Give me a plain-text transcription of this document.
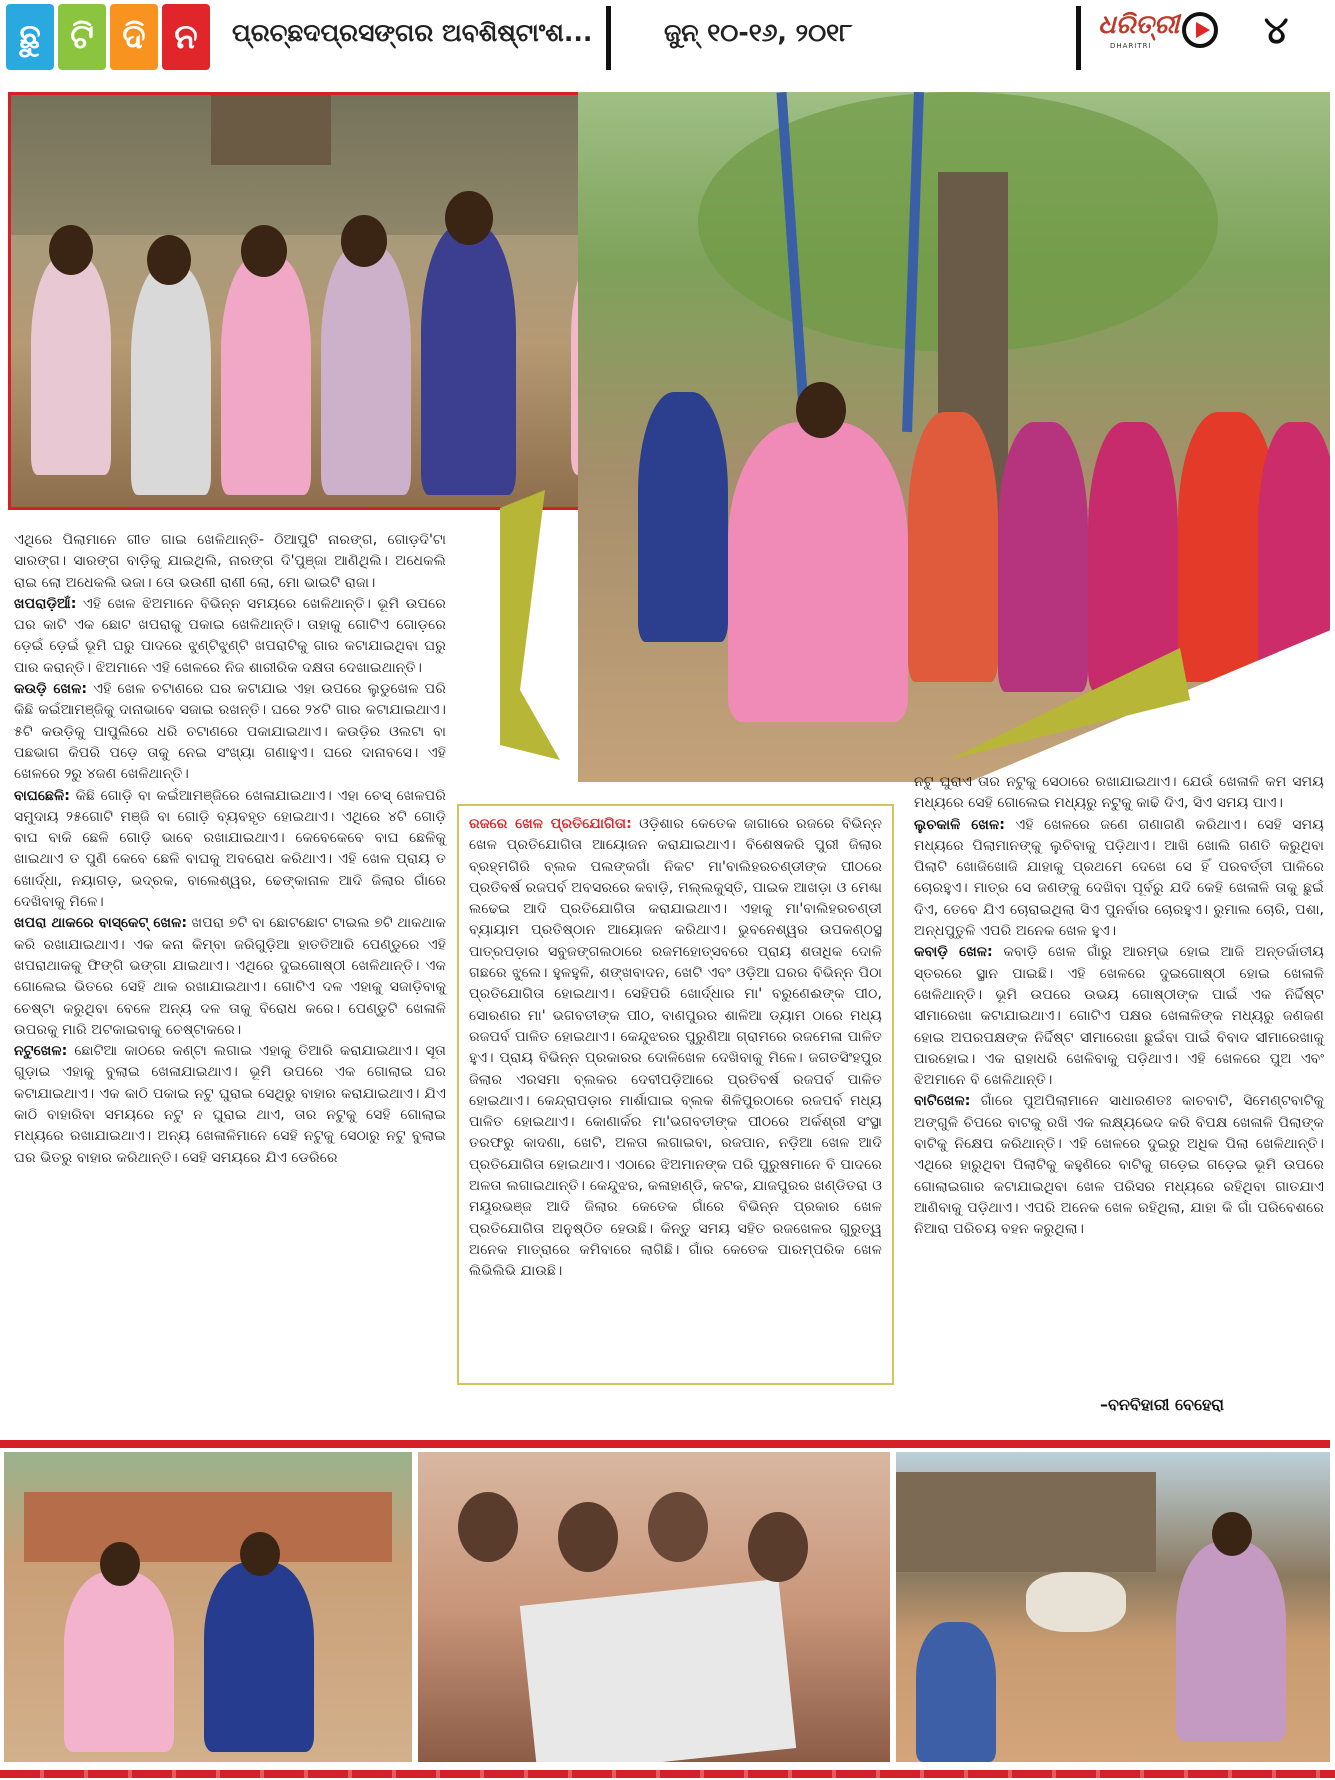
ଛୁ ଟି ଦି ନ	ପ୍ରଚ୍ଛଦପ୍ରସଙ୍ଗର ଅବଶିଷ୍ଟାଂଶ...	ଜୁନ୍ ୧୦-୧୬, ୨୦୧୮	ଧରିତ୍ରୀ
DHARITRI	୪

ଏଥିରେ ପିଲାମାନେ ଗୀତ ଗାଇ ଖେଳିଥାନ୍ତି- ଠିଆପୁଟି ନାରଙ୍ଗ, ଗୋଡ଼ଦି'ଟା ସାରଙ୍ଗ। ସାରଙ୍ଗ ବାଡ଼ିକୁ ଯାଇଥିଲି, ନାରଙ୍ଗ ଦି'ପୁଞ୍ଜା ଆଣିଥିଲି। ଅଧେକଲି ରାଇ ଲୋ ଅଧେକଲି ଭଜା। ତୋ ଭଉଣୀ ରାଣୀ ଲୋ, ମୋ ଭାଇଟି ରାଜା।

ଖପରାଡ଼ିଆଁ: ଏହି ଖେଳ ଝିଅମାନେ ବିଭିନ୍ନ ସମୟରେ ଖେଳିଥାନ୍ତି। ଭୂମି ଉପରେ ଘର କାଟି ଏକ ଛୋଟ ଖପରାକୁ ପକାଇ ଖେଳିଥାନ୍ତି। ତାହାକୁ ଗୋଟିଏ ଗୋଡ଼ରେ ଡ଼େଇଁ ଡ଼େଇଁ ଭୂମି ଘରୁ ପାଦରେ ଝୁଣ୍ଟିଝୁଣ୍ଟି ଖପରାଟିକୁ ଗାର କଟାଯାଇଥିବା ଘରୁ ପାର କରାନ୍ତି। ଝିଅମାନେ ଏହି ଖେଳରେ ନିଜ ଶାରୀରିକ ଦକ୍ଷତା ଦେଖାଇଥାନ୍ତି।

କଉଡ଼ି ଖେଳ: ଏହି ଖେଳ ଚଟାଣରେ ଘର କଟାଯାଇ ଏହା ଉପରେ ଲୁଡୁଖେଳ ପରି କିଛି କଇଁଆମଞ୍ଜିକୁ ଦାନାଭାବେ ସଜାଇ ରଖନ୍ତି। ଘରେ ୨୪ଟି ଗାର କଟାଯାଇଥାଏ। ୫ଟି କଉଡ଼ିକୁ ପାପୁଲିରେ ଧରି ଚଟାଣରେ ପକାଯାଇଥାଏ। କଉଡ଼ିର ଓଲଟା ବା ପଛଭାଗ କିପରି ପଡ଼େ ତାକୁ ନେଇ ସଂଖ୍ୟା ଗଣାହୁଏ। ଘରେ ଦାନାବସେ। ଏହି ଖେଳରେ ୨ରୁ ୪ଜଣ ଖେଳିଥାନ୍ତି।

ବାଘଛେଳି: କିଛି ଗୋଡ଼ି ବା କଇଁଆମଞ୍ଜିରେ ଖେଳାଯାଇଥାଏ। ଏହା ଚେସ୍ ଖେଳପରି ସମୁଦାୟ ୨୫ଗୋଟି ମଞ୍ଜି ବା ଗୋଡ଼ି ବ୍ୟବହୃତ ହୋଇଥାଏ। ଏଥିରେ ୪ଟି ଗୋଡ଼ି ବାଘ ବାକି ଛେଳି ଗୋଡ଼ି ଭାବେ ରଖାଯାଇଥାଏ। କେବେକେବେ ବାଘ ଛେଳିକୁ ଖାଇଥାଏ ତ ପୁଣି କେବେ ଛେଳି ବାଘକୁ ଅବରୋଧ କରିଥାଏ। ଏହି ଖେଳ ପ୍ରାୟ ତ ଖୋର୍ଦ୍ଧା, ନୟାଗଡ଼, ଭଦ୍ରକ, ବାଲେଶ୍ୱର, ଢେଙ୍କାନାଳ ଆଦି ଜିଲାର ଗାଁରେ ଦେଖିବାକୁ ମିଳେ।

ଖପରା ଥାକରେ ବାସ୍କେଟ୍ ଖେଳ: ଖପରା ୭ଟି ବା ଛୋଟଛୋଟ ଟାଇଲ ୭ଟି ଥାକଥାକ କରି ରଖାଯାଇଥାଏ। ଏକ କନା କିମ୍ବା ଜରିଗୁଡ଼ିଆ ହାତତିଆରି ପେଣ୍ଡୁରେ ଏହି ଖପରାଥାକକୁ ଫିଙ୍ଗି ଭଙ୍ଗା ଯାଇଥାଏ। ଏଥିରେ ଦୁଇଗୋଷ୍ଠୀ ଖେଳିଥାନ୍ତି। ଏକ ଗୋଲେଇ ଭିତରେ ସେହି ଥାକ ରଖାଯାଇଥାଏ। ଗୋଟିଏ ଦଳ ଏହାକୁ ସଜାଡ଼ିବାକୁ ଚେଷ୍ଟା କରୁଥିବା ବେଳେ ଅନ୍ୟ ଦଳ ତାକୁ ବିରୋଧ କରେ। ପେଣ୍ଡୁଟି ଖେଳାଳି ଉପରକୁ ମାରି ଅଟକାଇବାକୁ ଚେଷ୍ଟାକରେ।

ନଟୁଖେଳ: ଛୋଟିଆ କାଠରେ କଣ୍ଟା ଲଗାଇ ଏହାକୁ ତିଆରି କରାଯାଇଥାଏ। ସୂତା ଗୁଡ଼ାଇ ଏହାକୁ ବୁଲାଇ ଖେଳାଯାଇଥାଏ। ଭୂମି ଉପରେ ଏକ ଗୋଲାଇ ଘର କଟାଯାଇଥାଏ। ଏକ କାଠି ପକାଇ ନଟୁ ଘୁରାଇ ସେଥିରୁ ବାହାର କରାଯାଇଥାଏ। ଯିଏ କାଠି ବାହାରିବା ସମୟରେ ନଟୁ ନ ଘୁରାଇ ଥାଏ, ତାର ନଟୁକୁ ସେହି ଗୋଲାଇ ମଧ୍ୟରେ ରଖାଯାଇଥାଏ। ଅନ୍ୟ ଖେଳାଳିମାନେ ସେହି ନଟୁକୁ ସେଠାରୁ ନଟୁ ବୁଲାଇ ଘର ଭିତରୁ ବାହାର କରିଥାନ୍ତି। ସେହି ସମୟରେ ଯିଏ ଡେରିରେ

ରଜରେ ଖେଳ ପ୍ରତିଯୋଗିତା: ଓଡ଼ିଶାର କେତେକ ଜାଗାରେ ରଜରେ ବିଭିନ୍ନ ଖେଳ ପ୍ରତିଯୋଗିତା ଆୟୋଜନ କରାଯାଇଥାଏ। ବିଶେଷକରି ପୁରୀ ଜିଲାର ବ୍ରହ୍ମଗିରି ବ୍ଲକ ପଲଙ୍କଗାଁ ନିକଟ ମା'ବାଲିହରଚଣ୍ଡୀଙ୍କ ପୀଠରେ ପ୍ରତିବର୍ଷ ରଜପର୍ବ ଅବସରରେ କବାଡ଼ି, ମଲ୍ଲକୁସ୍ତି, ପାଇକ ଆଖଡ଼ା ଓ ମେଣ୍ଢା ଲଢେଇ ଆଦି ପ୍ରତିଯୋଗିତା କରାଯାଇଥାଏ। ଏହାକୁ ମା'ବାଲିହରଚଣ୍ଡୀ ବ୍ୟାୟାମ ପ୍ରତିଷ୍ଠାନ ଆୟୋଜନ କରିଥାଏ। ଭୁବନେଶ୍ୱର ଉପକଣ୍ଠସ୍ଥ ପାତ୍ରପଡ଼ାର ସବୁଜଙ୍ଗଲଠାରେ ରଜମହୋତ୍ସବରେ ପ୍ରାୟ ଶତାଧିକ ଦୋଳି ଗଛରେ ଝୁଲେ। ହୁଳହୁଳି, ଶଙ୍ଖବାଦନ, ଖେଟି ଏବଂ ଓଡ଼ିଆ ଘରର ବିଭିନ୍ନ ପିଠା ପ୍ରତିଯୋଗିତା ହୋଇଥାଏ। ସେହିପରି ଖୋର୍ଦ୍ଧାର ମା' ବରୁଣେଈଙ୍କ ପୀଠ, ସୋରଣର ମା' ଭଗବତୀଙ୍କ ପୀଠ, ବାଣପୁରର ଶାଳିଆ ଡ୍ୟାମ ଠାରେ ମଧ୍ୟ ରଜପର୍ବ ପାଳିତ ହୋଇଥାଏ। କେନ୍ଦୁଝରର ପୁରୁଣିଆ ଗ୍ରାମରେ ରଜମେଳା ପାଳିତ ହୁଏ। ପ୍ରାୟ ବିଭିନ୍ନ ପ୍ରକାରର ଦୋଳିଖେଳ ଦେଖିବାକୁ ମିଳେ। ଜଗତସିଂହପୁର ଜିଲାର ଏରସମା ବ୍ଲକର ଦେବୀପଡ଼ିଆରେ ପ୍ରତିବର୍ଷ ରଜପର୍ବ ପାଳିତ ହୋଇଥାଏ। କେନ୍ଦ୍ରାପଡ଼ାର ମାର୍ଶାଘାଇ ବ୍ଲକ ଶିଳିପୁରଠାରେ ରଜପର୍ବ ମଧ୍ୟ ପାଳିତ ହୋଇଥାଏ। କୋଣାର୍କର ମା'ଭଗବତୀଙ୍କ ପୀଠରେ ଅର୍କଶ୍ରୀ ସଂସ୍ଥା ତରଫରୁ କାଦଣା, ଖେଟି, ଅଳତା ଲଗାଇବା, ରଜପାନ, ନଡ଼ିଆ ଖେଳ ଆଦି ପ୍ରତିଯୋଗିତା ହୋଇଥାଏ। ଏଠାରେ ଝିଅମାନଙ୍କ ପରି ପୁରୁଷମାନେ ବି ପାଦରେ ଅଳତା ଲଗାଇଥାନ୍ତି। କେନ୍ଦୁଝର, କଳାହାଣ୍ଡି, କଟକ, ଯାଜପୁରର ଖଣ୍ଡିତରା ଓ ମୟୂରଭଞ୍ଜ ଆଦି ଜିଲାର କେତେକ ଗାଁରେ ବିଭିନ୍ନ ପ୍ରକାର ଖେଳ ପ୍ରତିଯୋଗିତା ଅନୁଷ୍ଠିତ ହେଉଛି। କିନ୍ତୁ ସମୟ ସହିତ ରଜଖେଳର ଗୁରୁତ୍ୱ ଅନେକ ମାତ୍ରାରେ କମିବାରେ ଲାଗିଛି। ଗାଁର କେତେକ ପାରମ୍ପରିକ ଖେଳ ଲିଭିଲିଭି ଯାଉଛି।

ନଟୁ ଘୁରାଏ ତାର ନଟୁକୁ ସେଠାରେ ରଖାଯାଇଥାଏ। ଯେଉଁ ଖେଳାଳି କମ ସମୟ ମଧ୍ୟରେ ସେହି ଗୋଲେଇ ମଧ୍ୟରୁ ନଟୁକୁ କାଢି ଦିଏ, ସିଏ ସମୟ ପାଏ।

ଲୁଚକାଳି ଖେଳ: ଏହି ଖେଳରେ ଜଣେ ଗଣାଗଣି କରିଥାଏ। ସେହି ସମୟ ମଧ୍ୟରେ ପିଲାମାନଙ୍କୁ ଲୁଚିବାକୁ ପଡ଼ିଥାଏ। ଆଖି ଖୋଲି ଗଣତି କରୁଥିବା ପିଲାଟି ଖୋଜିଖୋଜି ଯାହାକୁ ପ୍ରଥମେ ଦେଖେ ସେ ହିଁ ପରବର୍ତ୍ତୀ ପାଳିରେ ଚୋରହୁଏ। ମାତ୍ର ସେ ଜଣଙ୍କୁ ଦେଖିବା ପୂର୍ବରୁ ଯଦି କେହି ଖେଳାଳି ତାକୁ ଛୁଇଁ ଦିଏ, ତେବେ ଯିଏ ଚୋରାଇଥିଲା ସିଏ ପୁନର୍ବାର ଚୋରହୁଏ। ରୁମାଲ ଚୋରି, ପଶା, ଅନ୍ଧପୁତୁଳି ଏପରି ଅନେକ ଖେଳ ହୁଏ।

କବାଡ଼ି ଖେଳ: କବାଡ଼ି ଖେଳ ଗାଁରୁ ଆରମ୍ଭ ହୋଇ ଆଜି ଅନ୍ତର୍ଜାତୀୟ ସ୍ତରରେ ସ୍ଥାନ ପାଇଛି। ଏହି ଖେଳରେ ଦୁଇଗୋଷ୍ଠୀ ହୋଇ ଖେଳାଳି ଖେଳିଥାନ୍ତି। ଭୂମି ଉପରେ ଉଭୟ ଗୋଷ୍ଠୀଙ୍କ ପାଇଁ ଏକ ନିର୍ଦ୍ଦିଷ୍ଟ ସୀମାରେଖା କଟାଯାଇଥାଏ। ଗୋଟିଏ ପକ୍ଷର ଖେଳାଳିଙ୍କ ମଧ୍ୟରୁ ଜଣଜଣ ହୋଇ ଅପରପକ୍ଷଙ୍କ ନିର୍ଦ୍ଦିଷ୍ଟ ସୀମାରେଖା ଛୁଇଁବା ପାଇଁ ବିବାଦ ସୀମାରେଖାକୁ ପାରହୋଇ। ଏକ ରାହାଧରି ଖେଳିବାକୁ ପଡ଼ିଥାଏ। ଏହି ଖେଳରେ ପୁଅ ଏବଂ ଝିଅମାନେ ବି ଖେଳିଥାନ୍ତି।

ବାଟିଖେଳ: ଗାଁରେ ପୁଅପିଲାମାନେ ସାଧାରଣତଃ କାଚବାଟି, ସିମେଣ୍ଟବାଟିକୁ ଅଙ୍ଗୁଳି ଚିପରେ ବାଟକୁ ରଖି ଏକ ଲକ୍ଷ୍ୟଭେଦ କରି ବିପକ୍ଷ ଖେଳାଳି ପିଲାଙ୍କ ବାଟିକୁ ନିକ୍ଷେପ କରିଥାନ୍ତି। ଏହି ଖେଳରେ ଦୁଇରୁ ଅଧିକ ପିଲା ଖେଳିଥାନ୍ତି। ଏଥିରେ ହାରୁଥିବା ପିଲାଟିକୁ କହୁଣିରେ ବାଟିକୁ ଗଡ଼େଇ ଗଡ଼େଇ ଭୂମି ଉପରେ ଗୋଲାଇଗାର କଟାଯାଇଥିବା ଖେଳ ପରିସର ମଧ୍ୟରେ ରହିଥିବା ଗାତଯାଏ ଆଣିବାକୁ ପଡ଼ିଥାଏ। ଏପରି ଅନେକ ଖେଳ ରହିଥିଲା, ଯାହା କି ଗାଁ ପରିବେଶରେ ନିଆରା ପରିଚୟ ବହନ କରୁଥିଲା।

–ବନବିହାରୀ ବେହେରା
